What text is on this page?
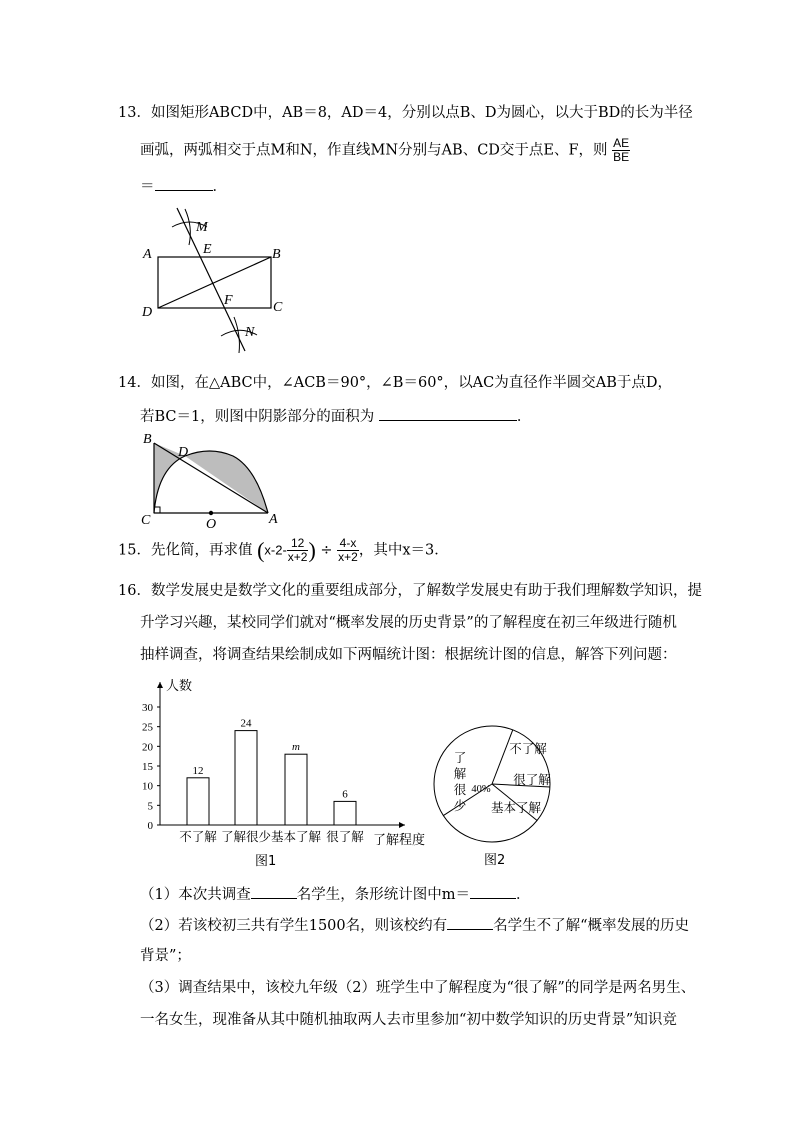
13．如图矩形ABCD中，AB＝8，AD＝4，分别以点B、D为圆心，以大于BD的长为半径
画弧，两弧相交于点M和N，作直线MN分别与AB、CD交于点E、F，则 $\frac{AE}{BE}$
＝	．
A	B
C
D
E
F
M
N
14．如图，在△ABC中，∠ACB＝90°，∠B＝60°，以AC为直径作半圆交AB于点D，
若BC＝1，则图中阴影部分的面积为	．
B
D
C	O	A
15．先化简，再求值 ($x-2- \frac{12}{x+2}$ ) ÷ $\frac{4-x}{x+2}$ ，其中x＝3．
16．数学发展史是数学文化的重要组成部分，了解数学发展史有助于我们理解数学知识，提
升学习兴趣，某校同学们就对“概率发展的历史背景”的了解程度在初三年级进行随机
抽样调查，将调查结果绘制成如下两幅统计图：根据统计图的信息，解答下列问题：
0
5
10
15
20
25
30
12
不了解
24
了解很少
m
基本了解
6
很了解
人数
了解程度
图1
不了解
很了解
基本了解
了解很少
40%
图2
（1）本次共调查	名学生，条形统计图中m＝	．
（2）若该校初三共有学生1500名，则该校约有	名学生不了解“概率发展的历史
背景”；
（3）调查结果中，该校九年级（2）班学生中了解程度为“很了解”的同学是两名男生、
一名女生，现准备从其中随机抽取两人去市里参加“初中数学知识的历史背景”知识竞
